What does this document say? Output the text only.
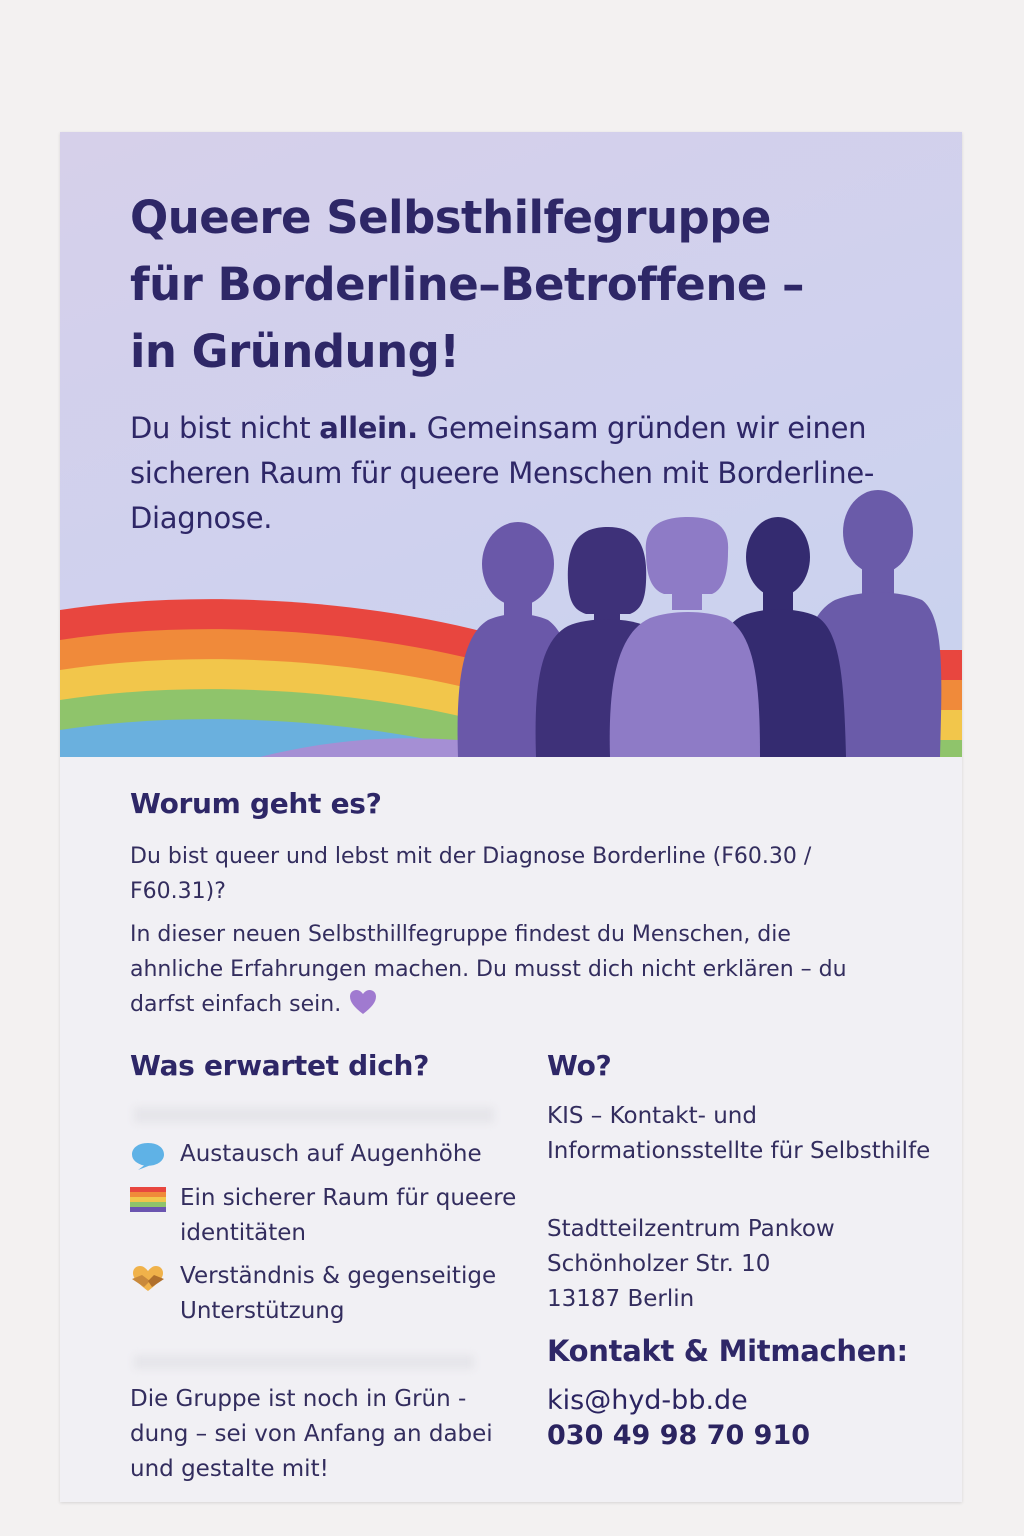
Queere Selbsthilfegruppe
für Borderline–Betroffene –
in Gründung!

Du bist nicht allein. Gemeinsam gründen wir einen sicheren Raum für queere Menschen mit Borderline-Diagnose.

Worum geht es?

Du bist queer und lebst mit der Diagnose Borderline (F60.30 / F60.31)?

In dieser neuen Selbsthillfegruppe findest du Menschen, die ahnliche Erfahrungen machen. Du musst dich nicht erklären – du darfst einfach sein.

Was erwartet dich?
Austausch auf Augenhöhe
Ein sicherer Raum für queere identitäten
Verständnis & gegenseitige Unterstützung

Die Gruppe ist noch in Grün - dung – sei von Anfang an dabei und gestalte mit!

Wo?
KIS – Kontakt- und Informationsstellte für Selbsthilfe
Stadtteilzentrum Pankow
Schönholzer Str. 10
13187 Berlin
Kontakt & Mitmachen:
kis@hyd-bb.de
030 49 98 70 910
